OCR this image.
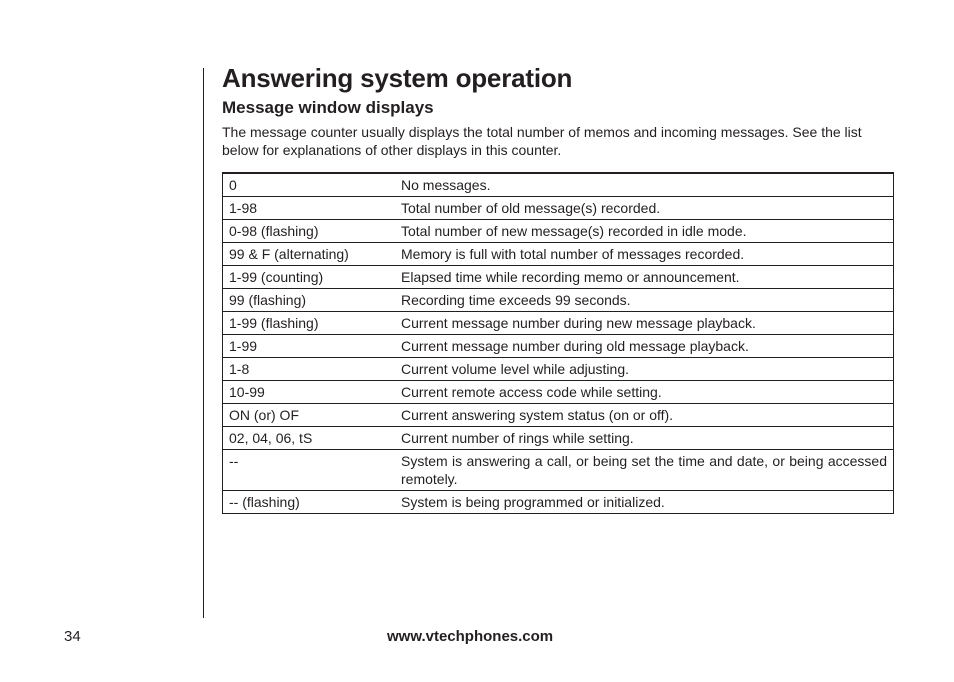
Answering system operation
Message window displays

The message counter usually displays the total number of memos and incoming messages. See the list below for explanations of other displays in this counter.

0	No messages.
1-98	Total number of old message(s) recorded.
0-98 (flashing)	Total number of new message(s) recorded in idle mode.
99 & F (alternating)	Memory is full with total number of messages recorded.
1-99 (counting)	Elapsed time while recording memo or announcement.
99 (flashing)	Recording time exceeds 99 seconds.
1-99 (flashing)	Current message number during new message playback.
1-99	Current message number during old message playback.
1-8	Current volume level while adjusting.
10-99	Current remote access code while setting.
ON (or) OF	Current answering system status (on or off).
02, 04, 06, tS	Current number of rings while setting.
--	System is answering a call, or being set the time and date, or being accessed remotely.
-- (flashing)	System is being programmed or initialized.
34	www.vtechphones.com
